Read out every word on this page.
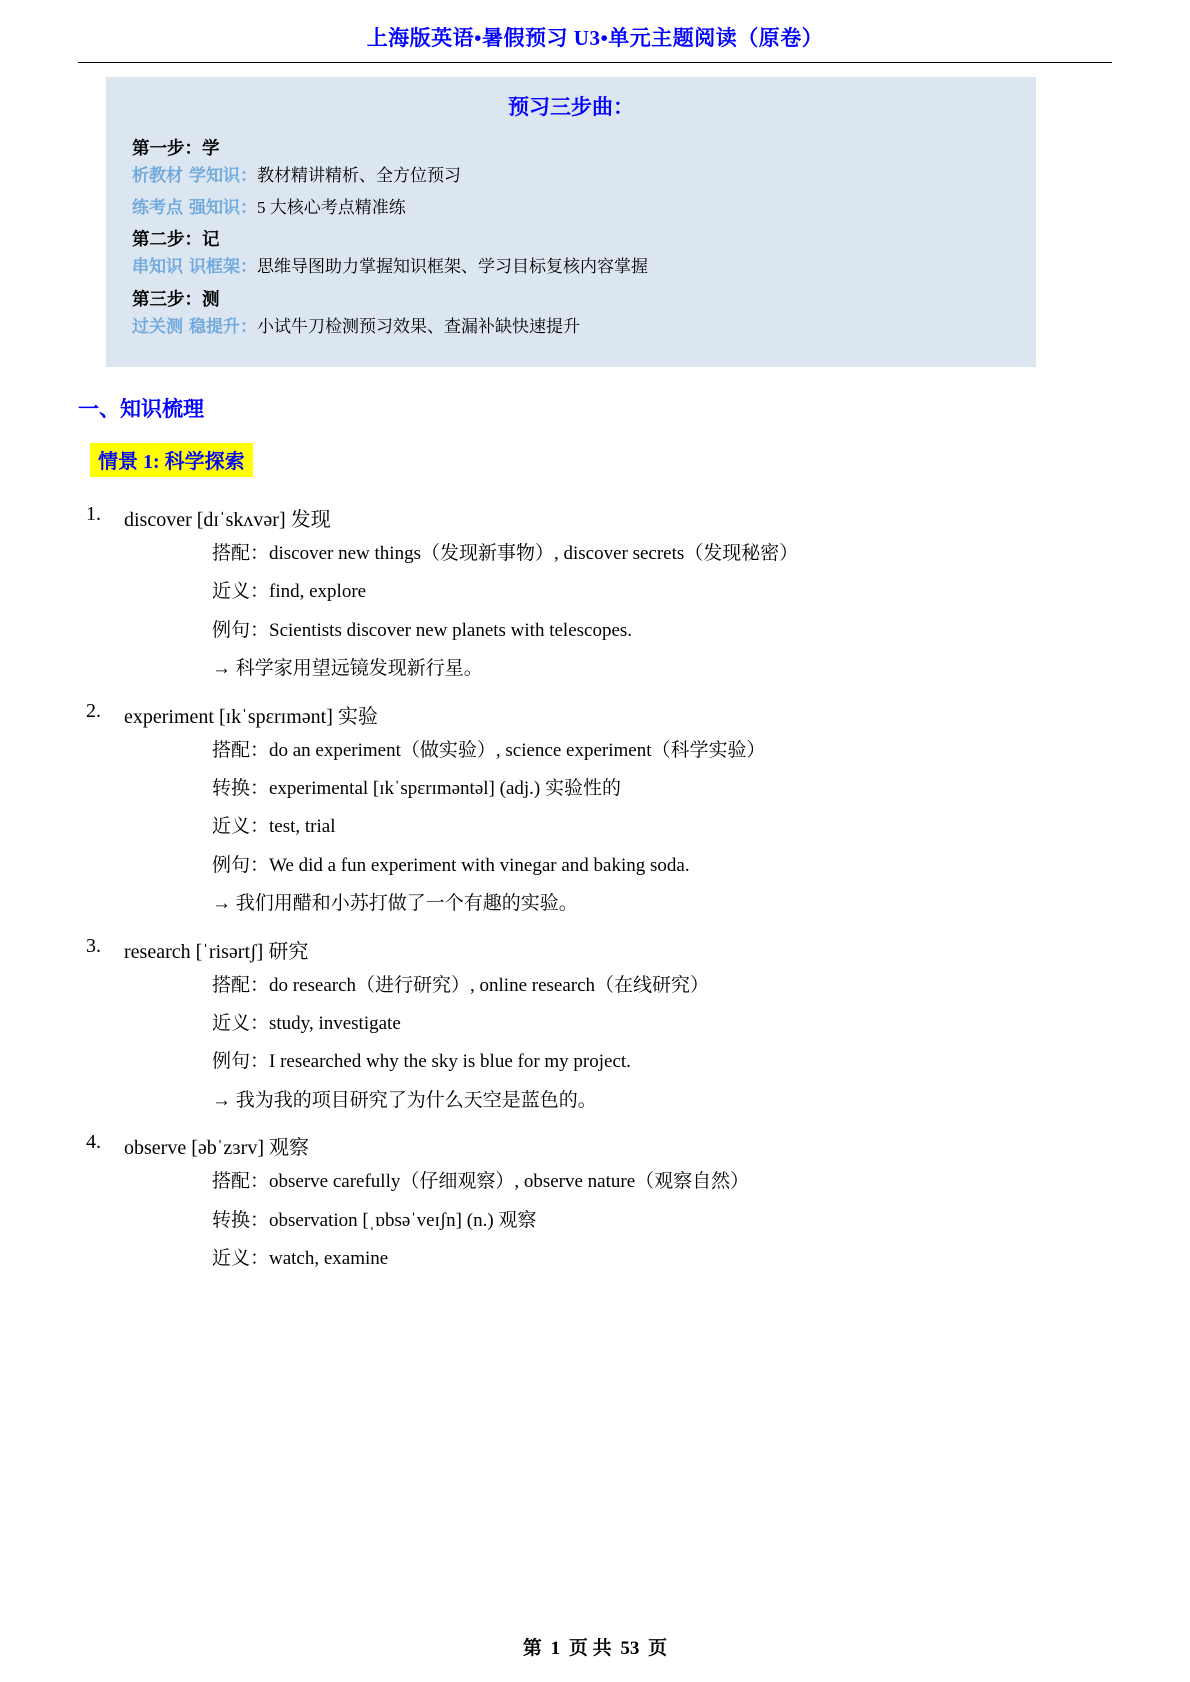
上海版英语•暑假预习 U3•单元主题阅读（原卷）
预习三步曲：
第一步：学
析教材 学知识：教材精讲精析、全方位预习
练考点 强知识：5 大核心考点精准练
第二步：记
串知识 识框架：思维导图助力掌握知识框架、学习目标复核内容掌握
第三步：测
过关测 稳提升：小试牛刀检测预习效果、查漏补缺快速提升
一、知识梳理
情景 1: 科学探索
1.	discover [dɪˈskʌvər] 发现
搭配：discover new things（发现新事物）, discover secrets（发现秘密）
近义：find, explore
例句：Scientists discover new planets with telescopes.
→ 科学家用望远镜发现新行星。
2.	experiment [ɪkˈspɛrɪmənt] 实验
搭配：do an experiment（做实验）, science experiment（科学实验）
转换：experimental [ɪkˈspɛrɪməntəl] (adj.) 实验性的
近义：test, trial
例句：We did a fun experiment with vinegar and baking soda.
→ 我们用醋和小苏打做了一个有趣的实验。
3.	research [ˈrisərtʃ] 研究
搭配：do research（进行研究）, online research（在线研究）
近义：study, investigate
例句：I researched why the sky is blue for my project.
→ 我为我的项目研究了为什么天空是蓝色的。
4.	observe [əbˈzɜrv] 观察
搭配：observe carefully（仔细观察）, observe nature（观察自然）
转换：observation [ˌɒbsəˈveɪʃn] (n.) 观察
近义：watch, examine
第 1 页 共 53 页
